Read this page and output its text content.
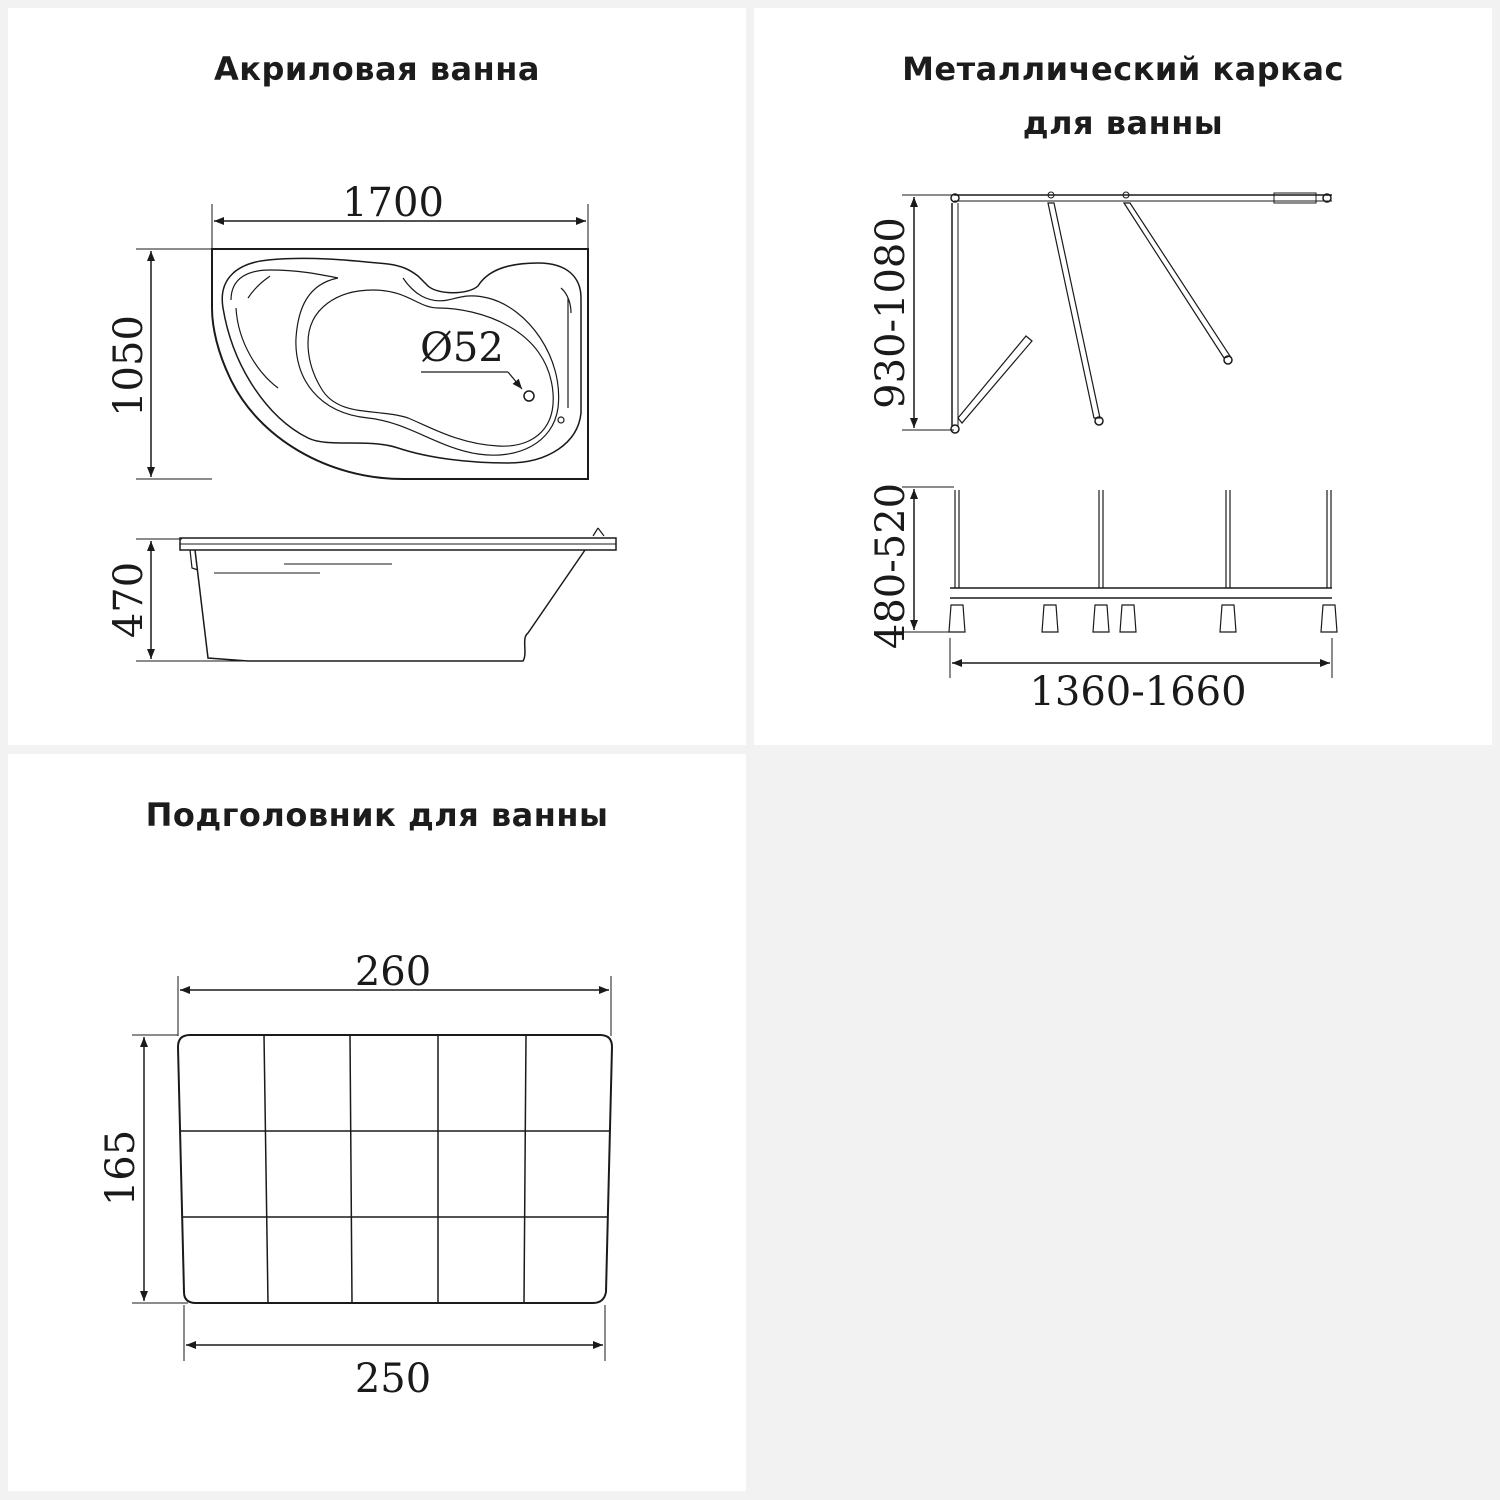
Акриловая ванна
1700
1050	Ø52
470
Металлический каркас
для ванны
930-1080
480-520
1360-1660
Подголовник для ванны
260
165
250
